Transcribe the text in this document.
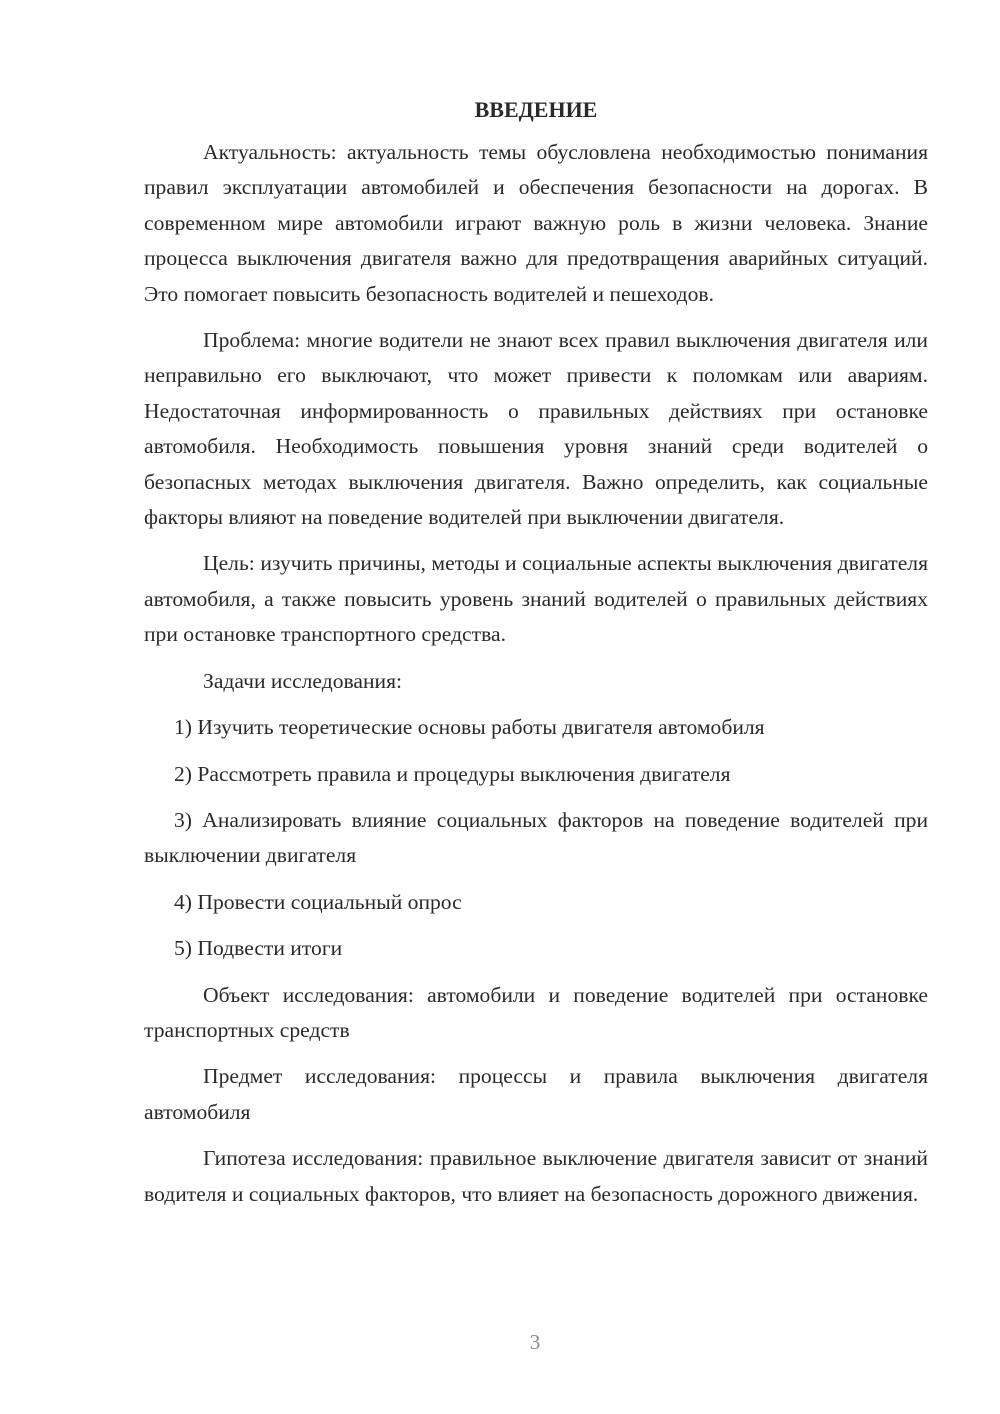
ВВЕДЕНИЕ

Актуальность: актуальность темы обусловлена необходимостью понимания правил эксплуатации автомобилей и обеспечения безопасности на дорогах. В современном мире автомобили играют важную роль в жизни человека. Знание процесса выключения двигателя важно для предотвращения аварийных ситуаций. Это помогает повысить безопасность водителей и пешеходов.

Проблема: многие водители не знают всех правил выключения двигателя или неправильно его выключают, что может привести к поломкам или авариям. Недостаточная информированность о правильных действиях при остановке автомобиля. Необходимость повышения уровня знаний среди водителей о безопасных методах выключения двигателя. Важно определить, как социальные факторы влияют на поведение водителей при выключении двигателя.

Цель: изучить причины, методы и социальные аспекты выключения двигателя автомобиля, а также повысить уровень знаний водителей о правильных действиях при остановке транспортного средства.

Задачи исследования:

1) Изучить теоретические основы работы двигателя автомобиля

2) Рассмотреть правила и процедуры выключения двигателя

3) Анализировать влияние социальных факторов на поведение водителей при выключении двигателя

4) Провести социальный опрос

5) Подвести итоги

Объект исследования: автомобили и поведение водителей при остановке транспортных средств

Предмет исследования: процессы и правила выключения двигателя автомобиля

Гипотеза исследования: правильное выключение двигателя зависит от знаний водителя и социальных факторов, что влияет на безопасность дорожного движения.

3
